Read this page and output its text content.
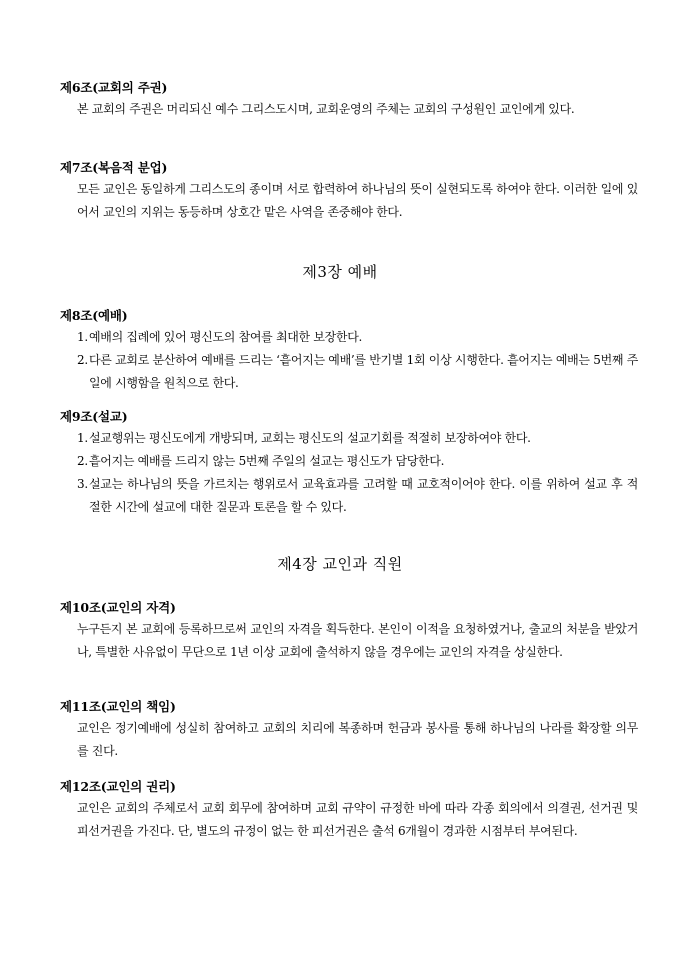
제6조(교회의 주권)
본 교회의 주권은 머리되신 예수 그리스도시며, 교회운영의 주체는 교회의 구성원인 교인에게 있다.
제7조(복음적 분업)
모든 교인은 동일하게 그리스도의 종이며 서로 합력하여 하나님의 뜻이 실현되도록 하여야 한다. 이러한 일에 있어서 교인의 지위는 동등하며 상호간 맡은 사역을 존중해야 한다.
제3장 예배
제8조(예배)
1. 예배의 집례에 있어 평신도의 참여를 최대한 보장한다.
2. 다른 교회로 분산하여 예배를 드리는 ‘흩어지는 예배’를 반기별 1회 이상 시행한다. 흩어지는 예배는 5번째 주일에 시행함을 원칙으로 한다.
제9조(설교)
1. 설교행위는 평신도에게 개방되며, 교회는 평신도의 설교기회를 적절히 보장하여야 한다.
2. 흩어지는 예배를 드리지 않는 5번째 주일의 설교는 평신도가 담당한다.
3. 설교는 하나님의 뜻을 가르치는 행위로서 교육효과를 고려할 때 교호적이어야 한다. 이를 위하여 설교 후 적절한 시간에 설교에 대한 질문과 토론을 할 수 있다.
제4장 교인과 직원
제10조(교인의 자격)
누구든지 본 교회에 등록하므로써 교인의 자격을 획득한다. 본인이 이적을 요청하였거나, 출교의 처분을 받았거나, 특별한 사유없이 무단으로 1년 이상 교회에 출석하지 않을 경우에는 교인의 자격을 상실한다.
제11조(교인의 책임)
교인은 정기예배에 성실히 참여하고 교회의 치리에 복종하며 헌금과 봉사를 통해 하나님의 나라를 확장할 의무를 진다.
제12조(교인의 권리)
교인은 교회의 주체로서 교회 회무에 참여하며 교회 규약이 규정한 바에 따라 각종 회의에서 의결권, 선거권 및 피선거권을 가진다. 단, 별도의 규정이 없는 한 피선거권은 출석 6개월이 경과한 시점부터 부여된다.
